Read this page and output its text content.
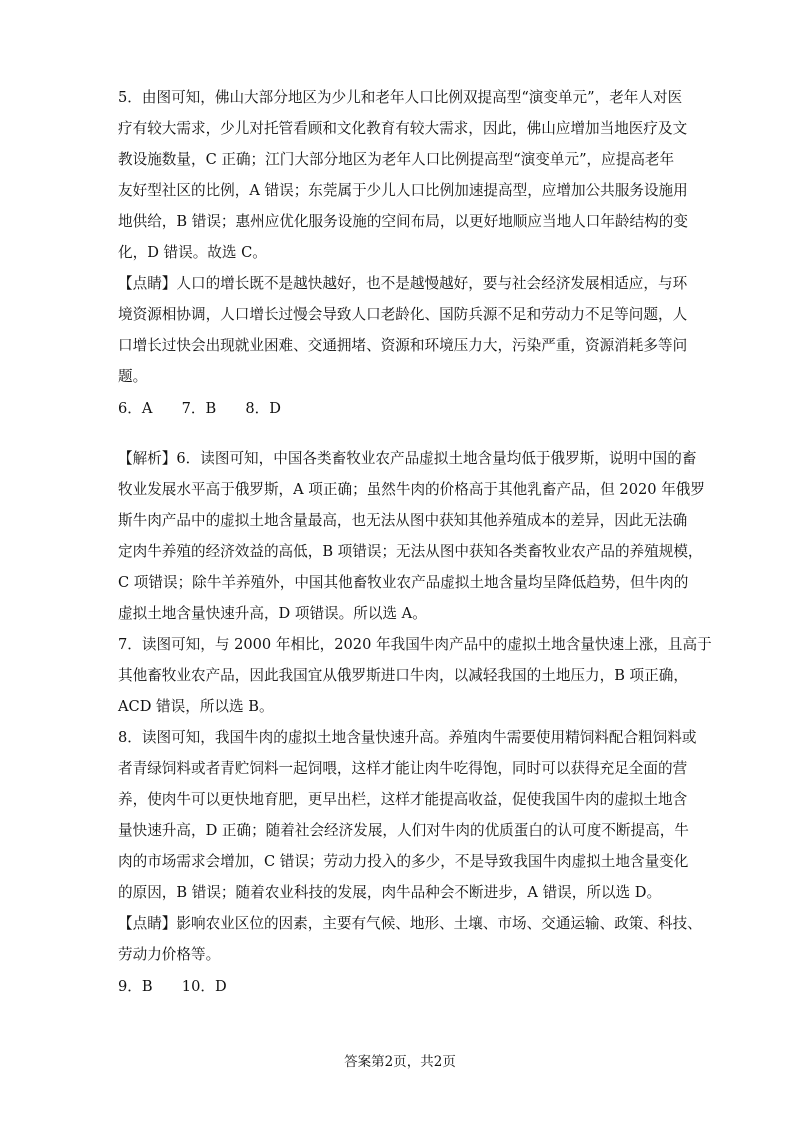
5．由图可知，佛山大部分地区为少儿和老年人口比例双提高型“演变单元”，老年人对医

疗有较大需求，少儿对托管看顾和文化教育有较大需求，因此，佛山应增加当地医疗及文

教设施数量，C 正确；江门大部分地区为老年人口比例提高型“演变单元”，应提高老年

友好型社区的比例，A 错误；东莞属于少儿人口比例加速提高型，应增加公共服务设施用

地供给，B 错误；惠州应优化服务设施的空间布局，以更好地顺应当地人口年龄结构的变

化，D 错误。故选 C。

【点睛】人口的增长既不是越快越好，也不是越慢越好，要与社会经济发展相适应，与环

境资源相协调，人口增长过慢会导致人口老龄化、国防兵源不足和劳动力不足等问题，人

口增长过快会出现就业困难、交通拥堵、资源和环境压力大，污染严重，资源消耗多等问

题。

6．A　　7．B　　8．D

【解析】6．读图可知，中国各类畜牧业农产品虚拟土地含量均低于俄罗斯，说明中国的畜

牧业发展水平高于俄罗斯，A 项正确；虽然牛肉的价格高于其他乳畜产品，但 2020 年俄罗

斯牛肉产品中的虚拟土地含量最高，也无法从图中获知其他养殖成本的差异，因此无法确

定肉牛养殖的经济效益的高低，B 项错误；无法从图中获知各类畜牧业农产品的养殖规模，

C 项错误；除牛羊养殖外，中国其他畜牧业农产品虚拟土地含量均呈降低趋势，但牛肉的

虚拟土地含量快速升高，D 项错误。所以选 A。

7．读图可知，与 2000 年相比，2020 年我国牛肉产品中的虚拟土地含量快速上涨，且高于

其他畜牧业农产品，因此我国宜从俄罗斯进口牛肉，以减轻我国的土地压力，B 项正确，

ACD 错误，所以选 B。

8．读图可知，我国牛肉的虚拟土地含量快速升高。养殖肉牛需要使用精饲料配合粗饲料或

者青绿饲料或者青贮饲料一起饲喂，这样才能让肉牛吃得饱，同时可以获得充足全面的营

养，使肉牛可以更快地育肥，更早出栏，这样才能提高收益，促使我国牛肉的虚拟土地含

量快速升高，D 正确；随着社会经济发展，人们对牛肉的优质蛋白的认可度不断提高，牛

肉的市场需求会增加，C 错误；劳动力投入的多少，不是导致我国牛肉虚拟土地含量变化

的原因，B 错误；随着农业科技的发展，肉牛品种会不断进步，A 错误，所以选 D。

【点睛】影响农业区位的因素，主要有气候、地形、土壤、市场、交通运输、政策、科技、

劳动力价格等。

9．B　　10．D

答案第2页，共2页
